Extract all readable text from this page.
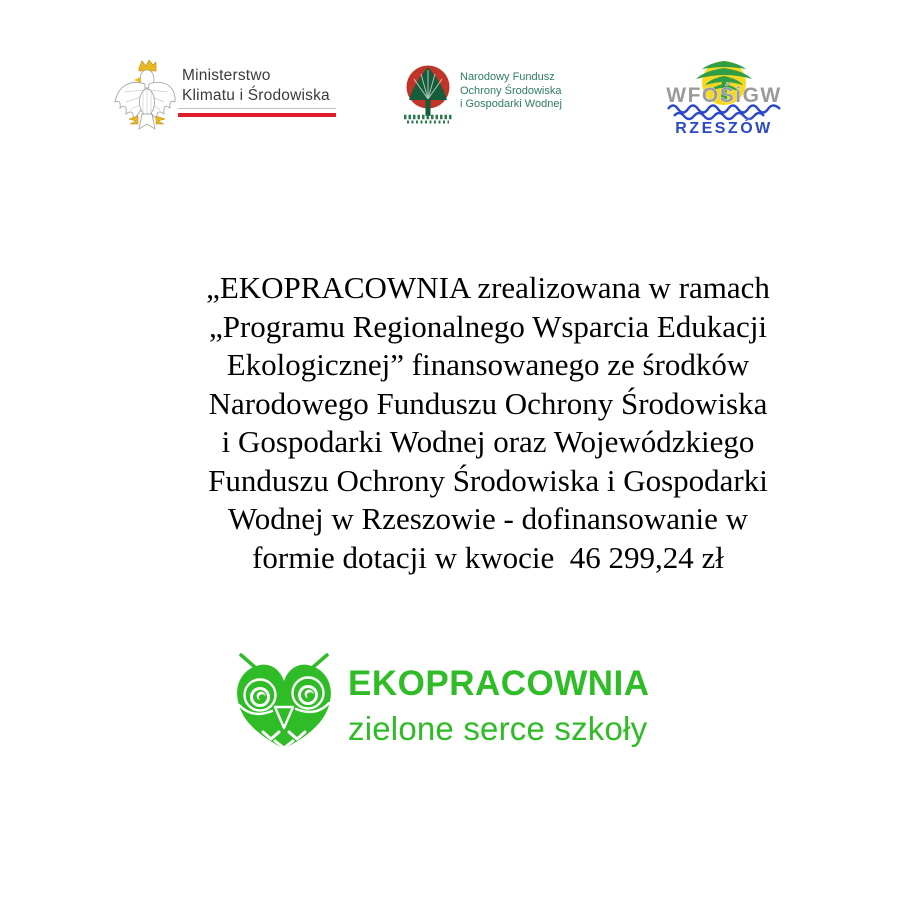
Ministerstwo
Klimatu i Środowiska
Narodowy Fundusz
Ochrony Środowiska
i Gospodarki Wodnej	WFOŚiGW
RZESZÓW
„EKOPRACOWNIA zrealizowana w ramach
„Programu Regionalnego Wsparcia Edukacji
Ekologicznej” finansowanego ze środków
Narodowego Funduszu Ochrony Środowiska
i Gospodarki Wodnej oraz Wojewódzkiego
Funduszu Ochrony Środowiska i Gospodarki
Wodnej w Rzeszowie - dofinansowanie w
formie dotacji w kwocie  46 299,24 zł
EKOPRACOWNIA
zielone serce szkoły
